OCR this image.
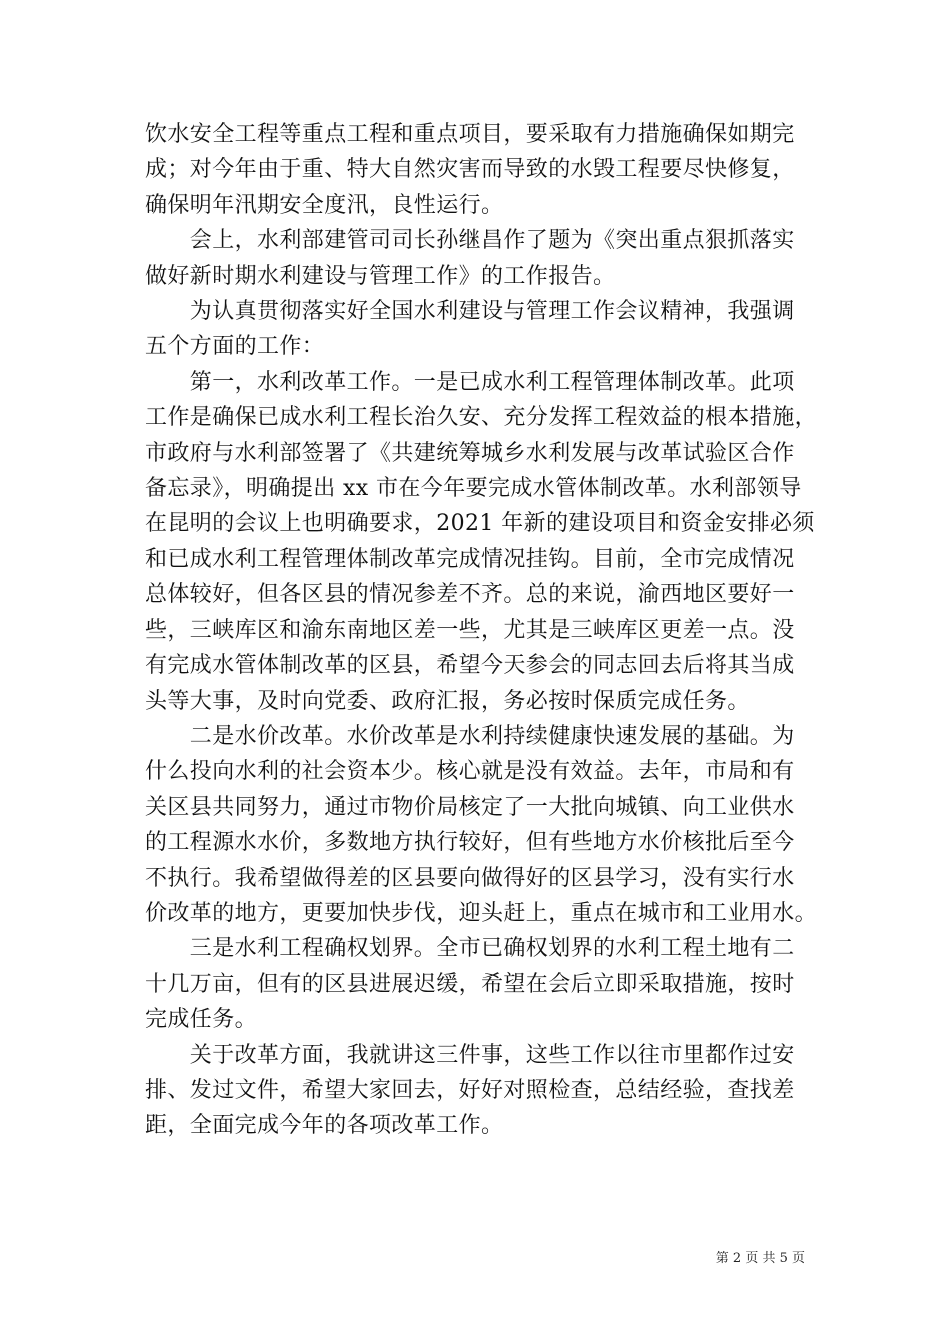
饮水安全工程等重点工程和重点项目，要采取有力措施确保如期完
成；对今年由于重、特大自然灾害而导致的水毁工程要尽快修复，
确保明年汛期安全度汛，良性运行。

　　会上，水利部建管司司长孙继昌作了题为《突出重点狠抓落实
做好新时期水利建设与管理工作》的工作报告。

　　为认真贯彻落实好全国水利建设与管理工作会议精神，我强调
五个方面的工作：

　　第一，水利改革工作。一是已成水利工程管理体制改革。此项
工作是确保已成水利工程长治久安、充分发挥工程效益的根本措施，
市政府与水利部签署了《共建统筹城乡水利发展与改革试验区合作
备忘录》，明确提出 xx 市在今年要完成水管体制改革。水利部领导
在昆明的会议上也明确要求，2021 年新的建设项目和资金安排必须
和已成水利工程管理体制改革完成情况挂钩。目前，全市完成情况
总体较好，但各区县的情况参差不齐。总的来说，渝西地区要好一
些，三峡库区和渝东南地区差一些，尤其是三峡库区更差一点。没
有完成水管体制改革的区县，希望今天参会的同志回去后将其当成
头等大事，及时向党委、政府汇报，务必按时保质完成任务。

　　二是水价改革。水价改革是水利持续健康快速发展的基础。为
什么投向水利的社会资本少。核心就是没有效益。去年，市局和有
关区县共同努力，通过市物价局核定了一大批向城镇、向工业供水
的工程源水水价，多数地方执行较好，但有些地方水价核批后至今
不执行。我希望做得差的区县要向做得好的区县学习，没有实行水
价改革的地方，更要加快步伐，迎头赶上，重点在城市和工业用水。

　　三是水利工程确权划界。全市已确权划界的水利工程土地有二
十几万亩，但有的区县进展迟缓，希望在会后立即采取措施，按时
完成任务。

　　关于改革方面，我就讲这三件事，这些工作以往市里都作过安
排、发过文件，希望大家回去，好好对照检查，总结经验，查找差
距，全面完成今年的各项改革工作。

第 2 页 共 5 页
